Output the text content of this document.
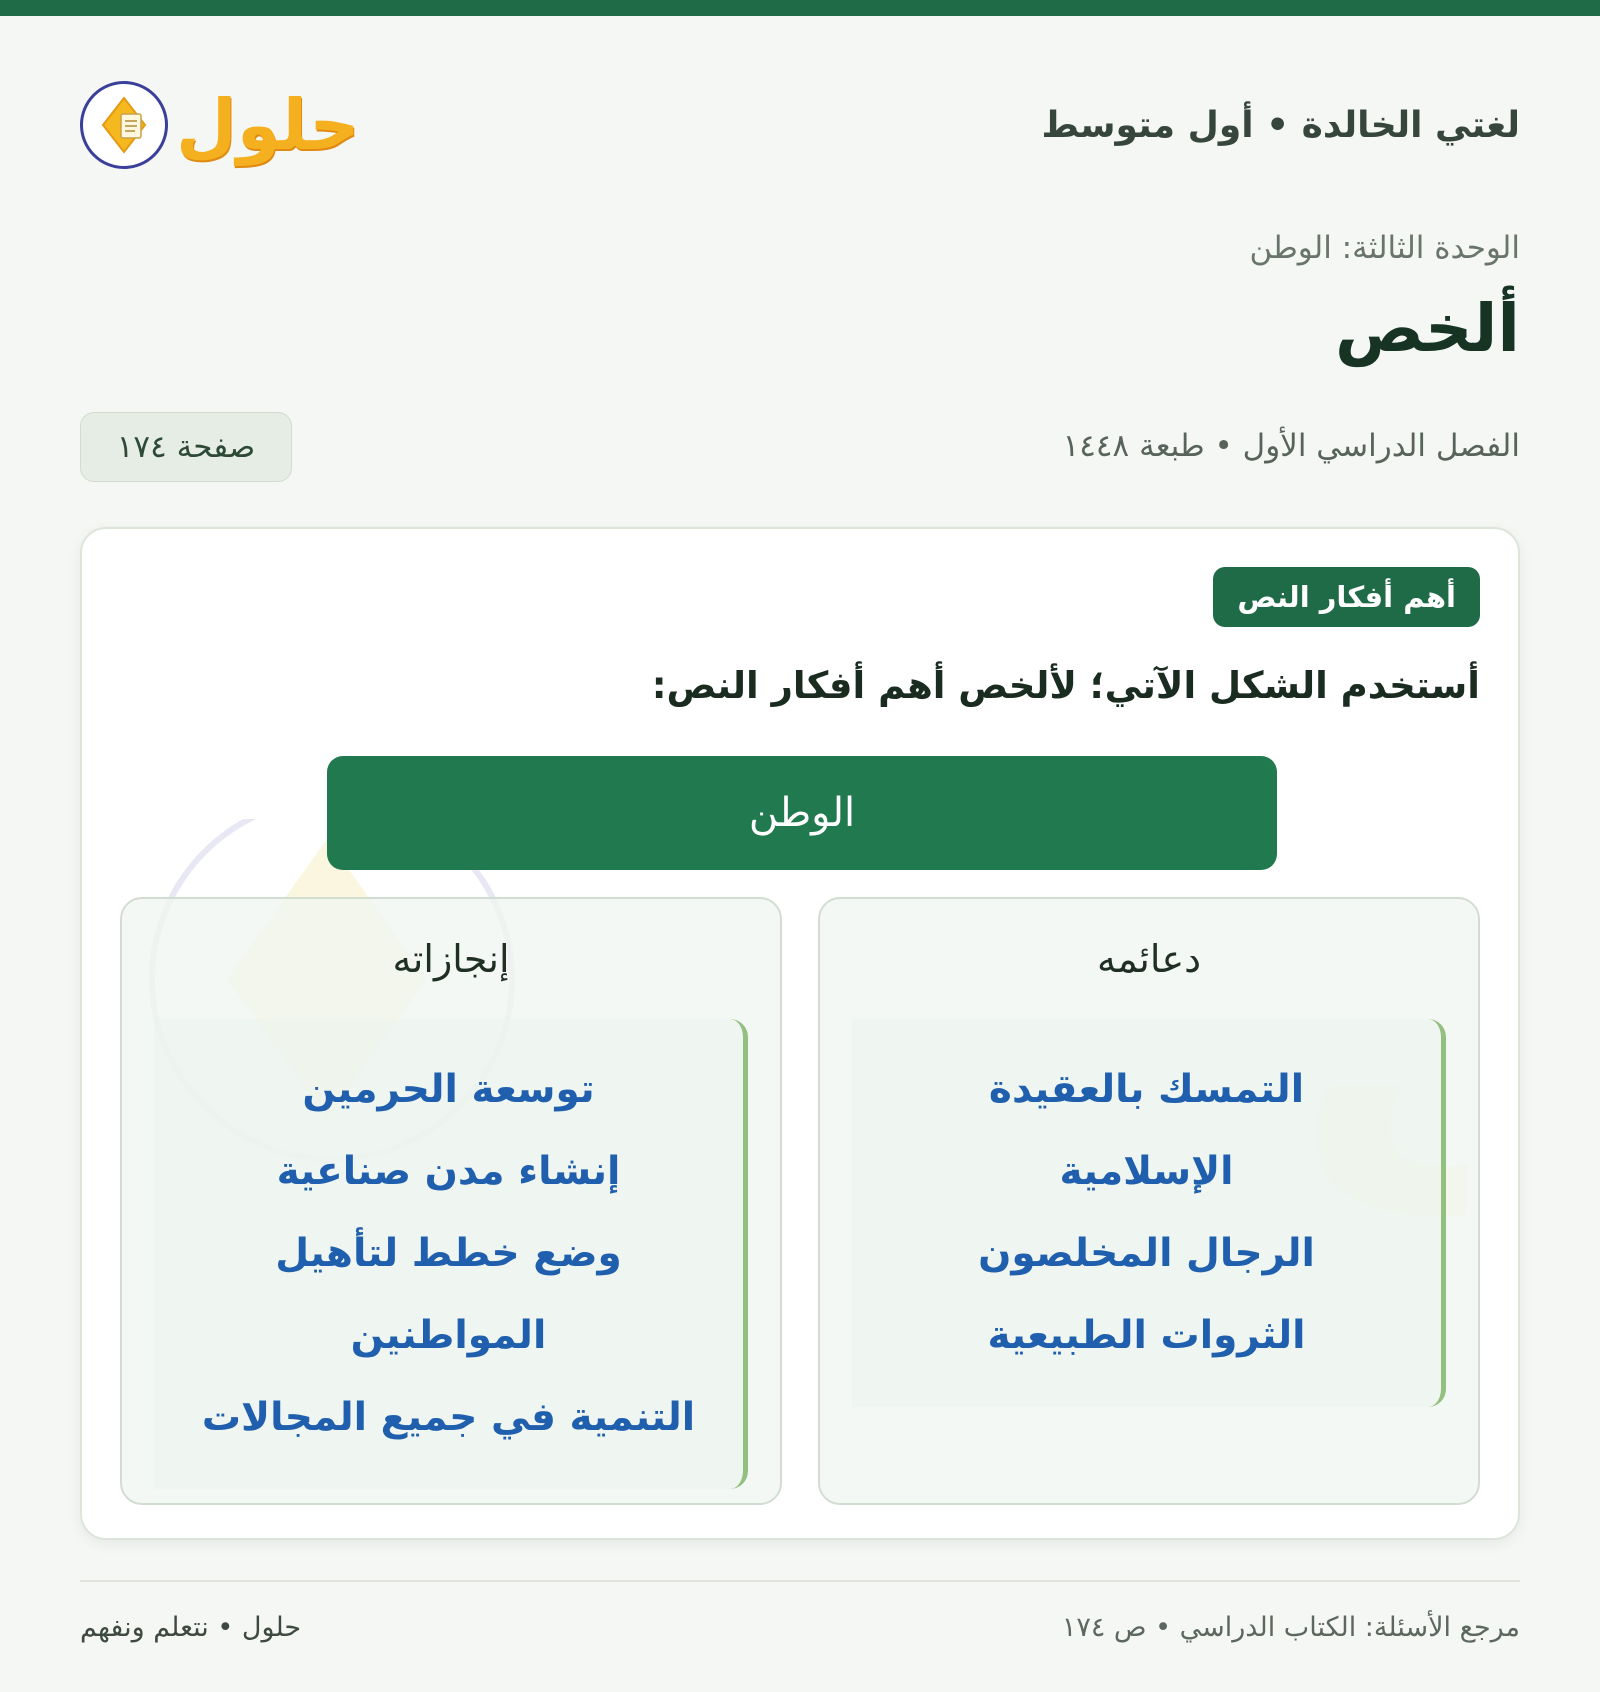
لغتي الخالدة • أول متوسط
حلول
الوحدة الثالثة: الوطن
ألخص
الفصل الدراسي الأول • طبعة ١٤٤٨
صفحة ١٧٤
أهم أفكار النص
أستخدم الشكل الآتي؛ لألخص أهم أفكار النص:
الوطن
دعائمه
التمسك بالعقيدة
الإسلامية
الرجال المخلصون
الثروات الطبيعية
إنجازاته
توسعة الحرمين
إنشاء مدن صناعية
وضع خطط لتأهيل
المواطنين
التنمية في جميع المجالات
مرجع الأسئلة: الكتاب الدراسي • ص ١٧٤
حلول • نتعلم ونفهم
